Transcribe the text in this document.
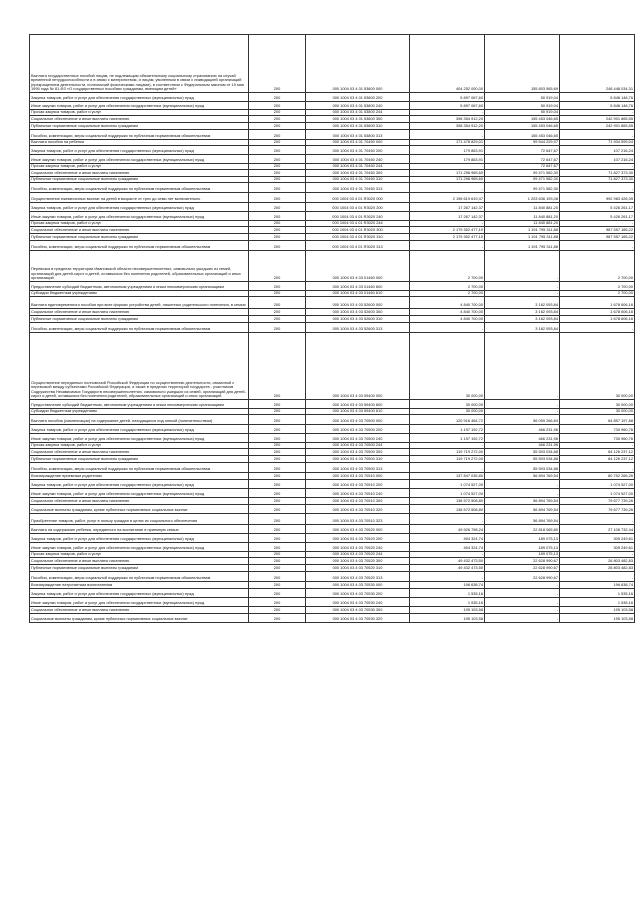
Выплата государственных пособий лицам, не подлежащим обязательному социальному страхованию на случай временной нетрудоспособности и в связи с материнством, и лицам, уволенным в связи с ликвидацией организаций (прекращением деятельности, полномочий физическими лицами), в соответствии с Федеральным законом от 19 мая 1995 года № 81-ФЗ «О государственных пособиях гражданам, имеющим детей»	200	000 1004 03 4 01 53800 000	404 252 000,00	155 803 965,69	248 448 034,31
Закупка товаров, работ и услуг для обеспечения государственных (муниципальных) нужд	200	000 1004 03 4 01 53800 200	5 897 067,60	50 919,04	5 846 148,76
Иные закупки товаров, работ и услуг для обеспечения государственных (муниципальных) нужд	200	000 1004 03 4 01 53800 240	5 897 067,60	50 919,04	5 846 148,76
Прочая закупка товаров, работ и услуг	200	000 1004 03 4 01 53800 244	-	50 919,04	-
Социальное обеспечение и иные выплаты населению	200	000 1004 03 4 01 53800 300	398 354 912,20	155 453 046,65	242 901 865,55
Публичные нормативные социальные выплаты гражданам	200	000 1004 03 4 01 53800 310	398 354 912,20	155 453 046,65	242 901 865,55
Пособия, компенсации, меры социальной поддержки по публичным нормативным обязательствам	200	000 1004 03 4 01 53800 313	-	155 453 046,65	-
Выплата пособия на ребенка	200	000 1004 03 4 01 70450 000	171 478 829,01	99 544 229,97	71 934 599,04
Закупка товаров, работ и услуг для обеспечения государственных (муниципальных) нужд	200	000 1004 03 4 01 70450 200	179 863,91	72 647,67	107 216,24
Иные закупки товаров, работ и услуг для обеспечения государственных (муниципальных) нужд	200	000 1004 03 4 01 70450 240	179 863,91	72 647,67	107 216,24
Прочая закупка товаров, работ и услуг	200	000 1004 03 4 01 70450 244	-	72 647,67	-
Социальное обеспечение и иные выплаты населению	200	000 1004 03 4 01 70450 300	171 298 965,60	99 471 582,30	71 827 373,30
Публичные нормативные социальные выплаты гражданам	200	000 1004 03 4 01 70450 310	171 298 965,60	99 471 582,30	71 827 373,30
Пособия, компенсации, меры социальной поддержки по публичным нормативным обязательствам	200	000 1004 03 4 01 70450 313	-	99 471 582,30	-
Осуществление ежемесячных выплат на детей в возрасте от трех до семи лет включительно	200	000 1004 03 4 01 R3020 000	2 196 619 619,47	1 203 636 193,08	992 983 426,39
Закупка товаров, работ и услуг для обеспечения государственных (муниципальных) нужд	200	000 1004 03 4 01 R3020 200	17 267 142,37	11 840 881,20	5 426 261,17
Иные закупки товаров, работ и услуг для обеспечения государственных (муниципальных) нужд	200	000 1004 03 4 01 R3020 240	17 267 142,37	11 840 881,20	5 426 261,17
Прочая закупка товаров, работ и услуг	200	000 1004 03 4 01 R3020 244	-	11 840 881,20	-
Социальное обеспечение и иные выплаты населению	200	000 1004 03 4 01 R3020 300	2 179 352 477,10	1 191 795 311,88	987 557 165,22
Публичные нормативные социальные выплаты гражданам	200	000 1004 03 4 01 R3020 310	2 179 352 477,10	1 191 795 311,88	987 557 165,22
Пособия, компенсации, меры социальной поддержки по публичным нормативным обязательствам	200	000 1004 03 4 01 R3020 313	-	1 191 795 311,88	-
Перевозка в пределах территории Ивановской области несовершеннолетних, самовольно ушедших из семей, организаций для детей-сирот и детей, оставшихся без попечения родителей, образовательных организаций и иных организаций	200	000 1004 03 4 03 01460 000	2 700,00	-	2 700,00
Предоставление субсидий бюджетным, автономным учреждениям и иным некоммерческим организациям	200	000 1004 03 4 03 01460 600	2 700,00	-	2 700,00
Субсидии бюджетным учреждениям	200	000 1004 03 4 03 01460 610	2 700,00	-	2 700,00
Выплата единовременного пособия при всех формах устройства детей, лишенных родительского попечения, в семью	200	000 1004 03 4 03 52600 000	4 840 700,00	3 162 093,84	1 678 606,16
Социальное обеспечение и иные выплаты населению	200	000 1004 03 4 03 52600 300	4 840 700,00	3 162 093,84	1 678 606,16
Публичные нормативные социальные выплаты гражданам	200	000 1004 03 4 03 52600 310	4 840 700,00	3 162 093,84	1 678 606,16
Пособия, компенсации, меры социальной поддержки по публичным нормативным обязательствам	200	000 1004 03 4 03 52600 313	-	3 162 093,84	-
Осуществление переданных полномочий Российской Федерации по осуществлению деятельности, связанной с перевозкой между субъектами Российской Федерации, а также в пределах территорий государств - участников Содружества Независимых Государств несовершеннолетних, самовольно ушедших из семей, организаций для детей-сирот и детей, оставшихся без попечения родителей, образовательных организаций и иных организаций	200	000 1004 03 4 03 59400 000	30 000,00	-	30 000,00
Предоставление субсидий бюджетным, автономным учреждениям и иным некоммерческим организациям	200	000 1004 03 4 03 59400 600	30 000,00	-	30 000,00
Субсидии бюджетным учреждениям	200	000 1004 03 4 03 59400 610	30 000,00	-	30 000,00
Выплата пособия (компенсации) на содержание детей, находящихся под опекой (попечительством)	200	000 1004 03 4 03 70500 000	120 916 464,72	56 059 266,84	64 857 197,88
Закупка товаров, работ и услуг для обеспечения государственных (муниципальных) нужд	200	000 1004 03 4 03 70500 200	1 197 192,72	466 231,96	730 960,76
Иные закупки товаров, работ и услуг для обеспечения государственных (муниципальных) нужд	200	000 1004 03 4 03 70500 240	1 197 192,72	466 231,96	730 960,76
Прочая закупка товаров, работ и услуг	200	000 1004 03 4 03 70500 244	-	466 231,96	-
Социальное обеспечение и иные выплаты населению	200	000 1004 03 4 03 70500 300	119 719 272,00	55 593 034,88	64 126 237,12
Публичные нормативные социальные выплаты гражданам	200	000 1004 03 4 03 70500 310	119 719 272,00	55 593 034,88	64 126 237,12
Пособия, компенсации, меры социальной поддержки по публичным нормативным обязательствам	200	000 1004 03 4 03 70500 313	-	55 593 034,88	-
Вознаграждение приемным родителям	200	000 1004 03 4 03 70510 000	137 847 035,80	56 894 769,54	80 752 266,26
Закупка товаров, работ и услуг для обеспечения государственных (муниципальных) нужд	200	000 1004 03 4 03 70510 200	1 074 527,00	-	1 074 527,00
Иные закупки товаров, работ и услуг для обеспечения государственных (муниципальных) нужд	200	000 1004 03 4 03 70510 240	1 074 527,00	-	1 074 527,00
Социальное обеспечение и иные выплаты населению	200	000 1004 03 4 03 70510 300	136 572 508,80	56 894 769,54	79 677 739,26
Социальные выплаты гражданам, кроме публичных нормативных социальных выплат	200	000 1004 03 4 03 70510 320	136 572 508,80	56 894 769,54	79 677 739,26
Приобретение товаров, работ, услуг в пользу граждан в целях их социального обеспечения	200	000 1004 03 4 03 70510 323	-	56 894 769,54	-
Выплата на содержание ребенка, переданного на воспитание в приемную семью	200	000 1004 03 4 03 70520 000	49 926 798,24	22 818 065,80	27 108 732,44
Закупка товаров, работ и услуг для обеспечения государственных (муниципальных) нужд	200	000 1004 03 4 03 70520 200	494 324,74	189 075,13	305 249,61
Иные закупки товаров, работ и услуг для обеспечения государственных (муниципальных) нужд	200	000 1004 03 4 03 70520 240	494 324,74	189 075,13	305 249,61
Прочая закупка товаров, работ и услуг	200	000 1004 03 4 03 70520 244	-	189 075,13	-
Социальное обеспечение и иные выплаты населению	200	000 1004 03 4 03 70520 300	49 432 473,50	22 628 990,67	26 803 482,83
Публичные нормативные социальные выплаты гражданам	200	000 1004 03 4 03 70520 310	49 432 473,50	22 628 990,67	26 803 482,83
Пособия, компенсации, меры социальной поддержки по публичным нормативным обязательствам	200	000 1004 03 4 03 70520 313	-	22 628 990,67	-
Вознаграждение патронатным воспитателям	200	000 1004 03 4 03 70530 000	196 638,74	-	196 638,74
Закупка товаров, работ и услуг для обеспечения государственных (муниципальных) нужд	200	000 1004 03 4 03 70530 200	1 535,16	-	1 535,16
Иные закупки товаров, работ и услуг для обеспечения государственных (муниципальных) нужд	200	000 1004 03 4 03 70530 240	1 535,16	-	1 535,16
Социальное обеспечение и иные выплаты населению	200	000 1004 03 4 03 70530 300	195 103,58	-	195 103,58
Социальные выплаты гражданам, кроме публичных нормативных социальных выплат	200	000 1004 03 4 03 70530 320	195 103,58	-	195 103,58
